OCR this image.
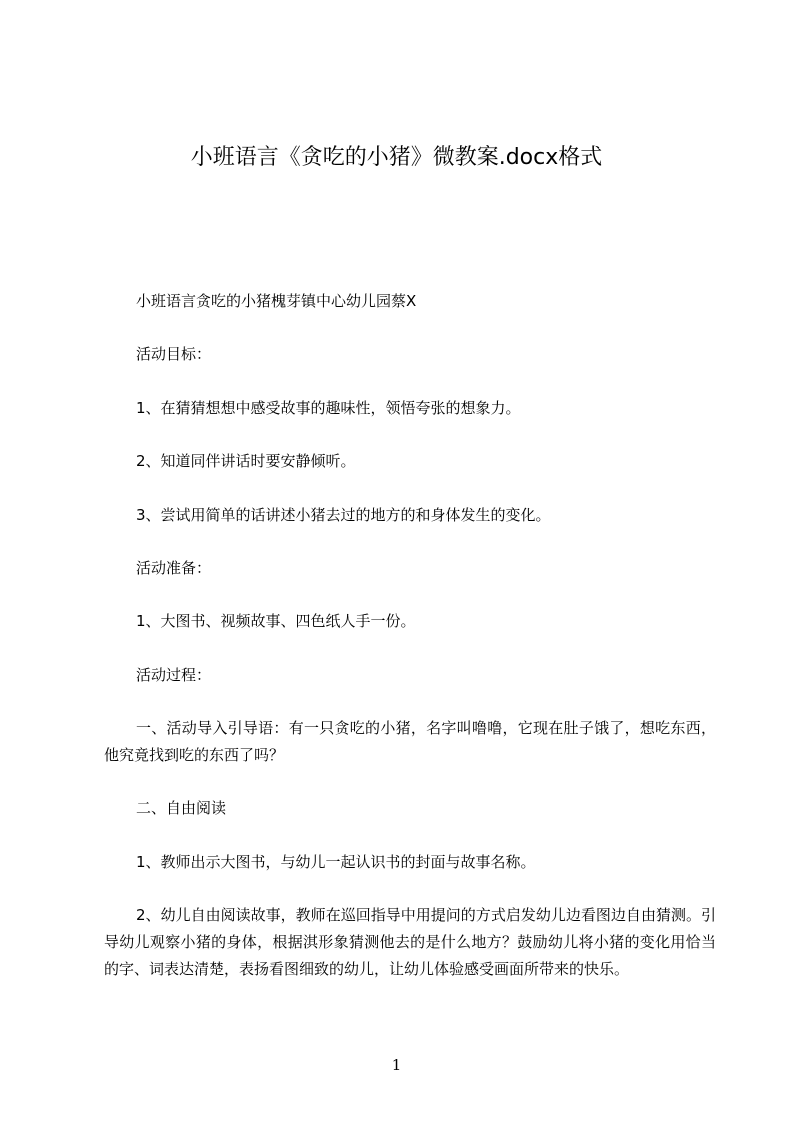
小班语言《贪吃的小猪》微教案.docx格式

小班语言贪吃的小猪槐芽镇中心幼儿园蔡X

活动目标：

1、在猜猜想想中感受故事的趣味性，领悟夸张的想象力。

2、知道同伴讲话时要安静倾听。

3、尝试用简单的话讲述小猪去过的地方的和身体发生的变化。

活动准备：

1、大图书、视频故事、四色纸人手一份。

活动过程：

一、活动导入引导语：有一只贪吃的小猪，名字叫噜噜，它现在肚子饿了，想吃东西，他究竟找到吃的东西了吗？

二、自由阅读

1、教师出示大图书，与幼儿一起认识书的封面与故事名称。

2、幼儿自由阅读故事，教师在巡回指导中用提问的方式启发幼儿边看图边自由猜测。引导幼儿观察小猪的身体，根据淇形象猜测他去的是什么地方？鼓励幼儿将小猪的变化用恰当的字、词表达清楚，表扬看图细致的幼儿，让幼儿体验感受画面所带来的快乐。

1
